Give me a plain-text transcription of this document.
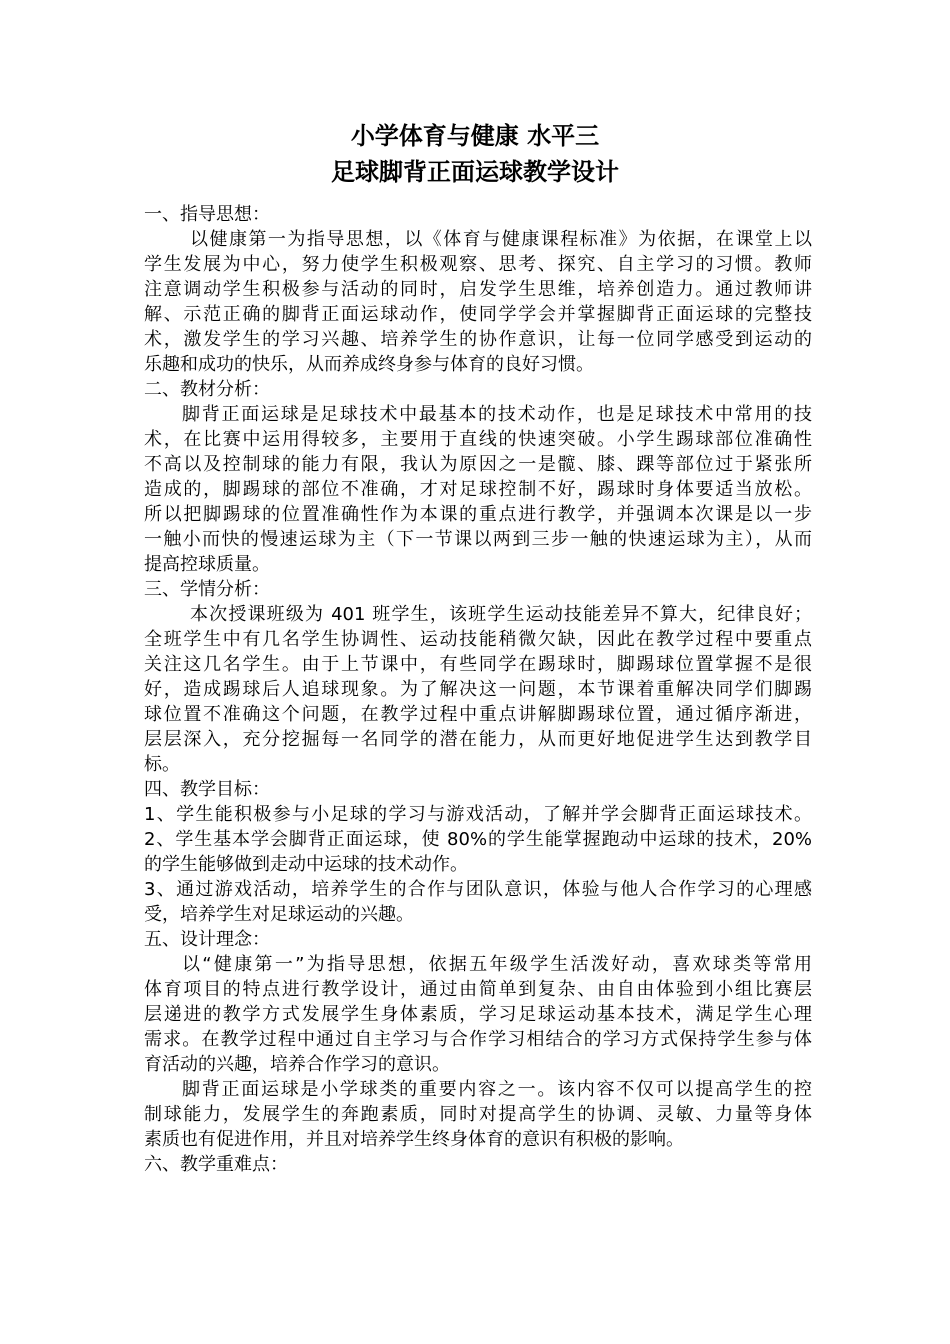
小学体育与健康 水平三
足球脚背正面运球教学设计
一、指导思想：
以健康第一为指导思想，以《体育与健康课程标准》为依据，在课堂上以
学生发展为中心，努力使学生积极观察、思考、探究、自主学习的习惯。教师
注意调动学生积极参与活动的同时，启发学生思维，培养创造力。通过教师讲
解、示范正确的脚背正面运球动作，使同学学会并掌握脚背正面运球的完整技
术，激发学生的学习兴趣、培养学生的协作意识，让每一位同学感受到运动的
乐趣和成功的快乐，从而养成终身参与体育的良好习惯。
二、教材分析：
脚背正面运球是足球技术中最基本的技术动作，也是足球技术中常用的技
术，在比赛中运用得较多，主要用于直线的快速突破。小学生踢球部位准确性
不高以及控制球的能力有限，我认为原因之一是髋、膝、踝等部位过于紧张所
造成的，脚踢球的部位不准确，才对足球控制不好，踢球时身体要适当放松。
所以把脚踢球的位置准确性作为本课的重点进行教学，并强调本次课是以一步
一触小而快的慢速运球为主（下一节课以两到三步一触的快速运球为主），从而
提高控球质量。
三、学情分析：
本次授课班级为 401 班学生，该班学生运动技能差异不算大，纪律良好；
全班学生中有几名学生协调性、运动技能稍微欠缺，因此在教学过程中要重点
关注这几名学生。由于上节课中，有些同学在踢球时，脚踢球位置掌握不是很
好，造成踢球后人追球现象。为了解决这一问题，本节课着重解决同学们脚踢
球位置不准确这个问题，在教学过程中重点讲解脚踢球位置，通过循序渐进，
层层深入，充分挖掘每一名同学的潜在能力，从而更好地促进学生达到教学目
标。
四、教学目标：
1、学生能积极参与小足球的学习与游戏活动，了解并学会脚背正面运球技术。
2、学生基本学会脚背正面运球，使 80%的学生能掌握跑动中运球的技术，20%
的学生能够做到走动中运球的技术动作。
3、通过游戏活动，培养学生的合作与团队意识，体验与他人合作学习的心理感
受，培养学生对足球运动的兴趣。
五、设计理念：
以“健康第一”为指导思想，依据五年级学生活泼好动，喜欢球类等常用
体育项目的特点进行教学设计，通过由简单到复杂、由自由体验到小组比赛层
层递进的教学方式发展学生身体素质，学习足球运动基本技术，满足学生心理
需求。在教学过程中通过自主学习与合作学习相结合的学习方式保持学生参与体
育活动的兴趣，培养合作学习的意识。
脚背正面运球是小学球类的重要内容之一。该内容不仅可以提高学生的控
制球能力，发展学生的奔跑素质，同时对提高学生的协调、灵敏、力量等身体
素质也有促进作用，并且对培养学生终身体育的意识有积极的影响。
六、教学重难点：
